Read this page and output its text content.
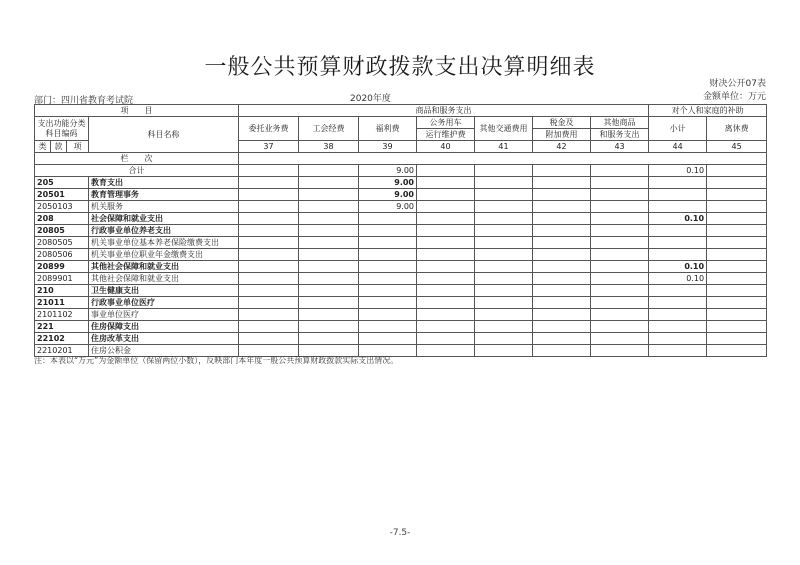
一般公共预算财政拨款支出决算明细表
财决公开07表
金额单位：万元
部门：四川省教育考试院	2020年度
项　　目				商品和服务支出							对个人和家庭的补助	
支出功能分类科目编码			科目名称	委托业务费	工会经费	福利费	公务用车	其他交通费用	税金及	其他商品	小计	离休费
							运行维护费		附加费用	和服务支出		
类	款	项		37	38	39	40	41	42	43	44	45
栏　　次												
合计						9.00					0.10	
205			教育支出			9.00						
20501			教育管理事务			9.00						
2050103			机关服务			9.00						
208			社会保障和就业支出								0.10	
20805			行政事业单位养老支出									
2080505			机关事业单位基本养老保险缴费支出									
2080506			机关事业单位职业年金缴费支出									
20899			其他社会保障和就业支出								0.10	
2089901			其他社会保障和就业支出								0.10	
210			卫生健康支出									
21011			行政事业单位医疗									
2101102			事业单位医疗									
221			住房保障支出									
22102			住房改革支出									
2210201			住房公积金									
注：本表以“万元”为金额单位（保留两位小数），反映部门本年度一般公共预算财政拨款实际支出情况。
-7.5-
